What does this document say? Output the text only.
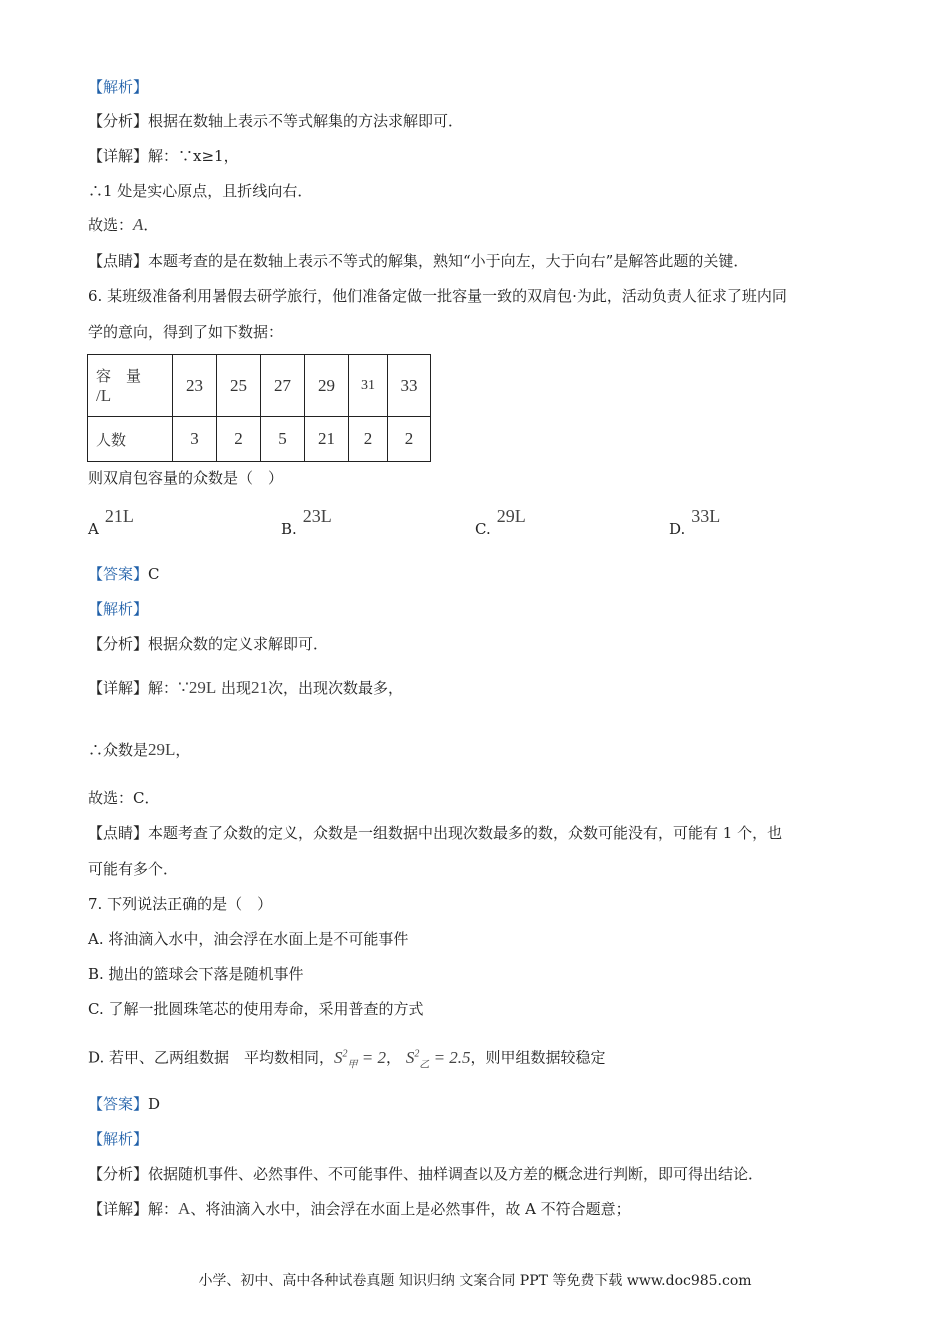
【解析】
【分析】根据在数轴上表示不等式解集的方法求解即可．
【详解】解：∵x≥1，
∴1 处是实心原点，且折线向右．
故选：A．
【点睛】本题考查的是在数轴上表示不等式的解集，熟知“小于向左，大于向右”是解答此题的关键．
6. 某班级准备利用暑假去研学旅行，他们准备定做一批容量一致的双肩包·为此，活动负责人征求了班内同
学的意向，得到了如下数据：
容　量
/L	23	25	27	29	31	33
人数	3	2	5	21	2	2
则双肩包容量的众数是（　）
A21L
B.23L
C.29L
D.33L
【答案】C
【解析】
【分析】根据众数的定义求解即可．
【详解】解：∵29L 出现21次，出现次数最多，
∴众数是29L，
故选：C．
【点睛】本题考查了众数的定义，众数是一组数据中出现次数最多的数，众数可能没有，可能有 1 个，也
可能有多个．
7. 下列说法正确的是（　）
A. 将油滴入水中，油会浮在水面上是不可能事件
B. 抛出的篮球会下落是随机事件
C. 了解一批圆珠笔芯的使用寿命，采用普查的方式
D. 若甲、乙两组数据　平均数相同，$S^2_甲 = 2$， $S^2_乙 = 2.5$，则甲组数据较稳定
【答案】D
【解析】
【分析】依据随机事件、必然事件、不可能事件、抽样调查以及方差的概念进行判断，即可得出结论．
【详解】解：A、将油滴入水中，油会浮在水面上是必然事件，故 A 不符合题意；
小学、初中、高中各种试卷真题 知识归纳 文案合同 PPT 等免费下载 www.doc985.com
